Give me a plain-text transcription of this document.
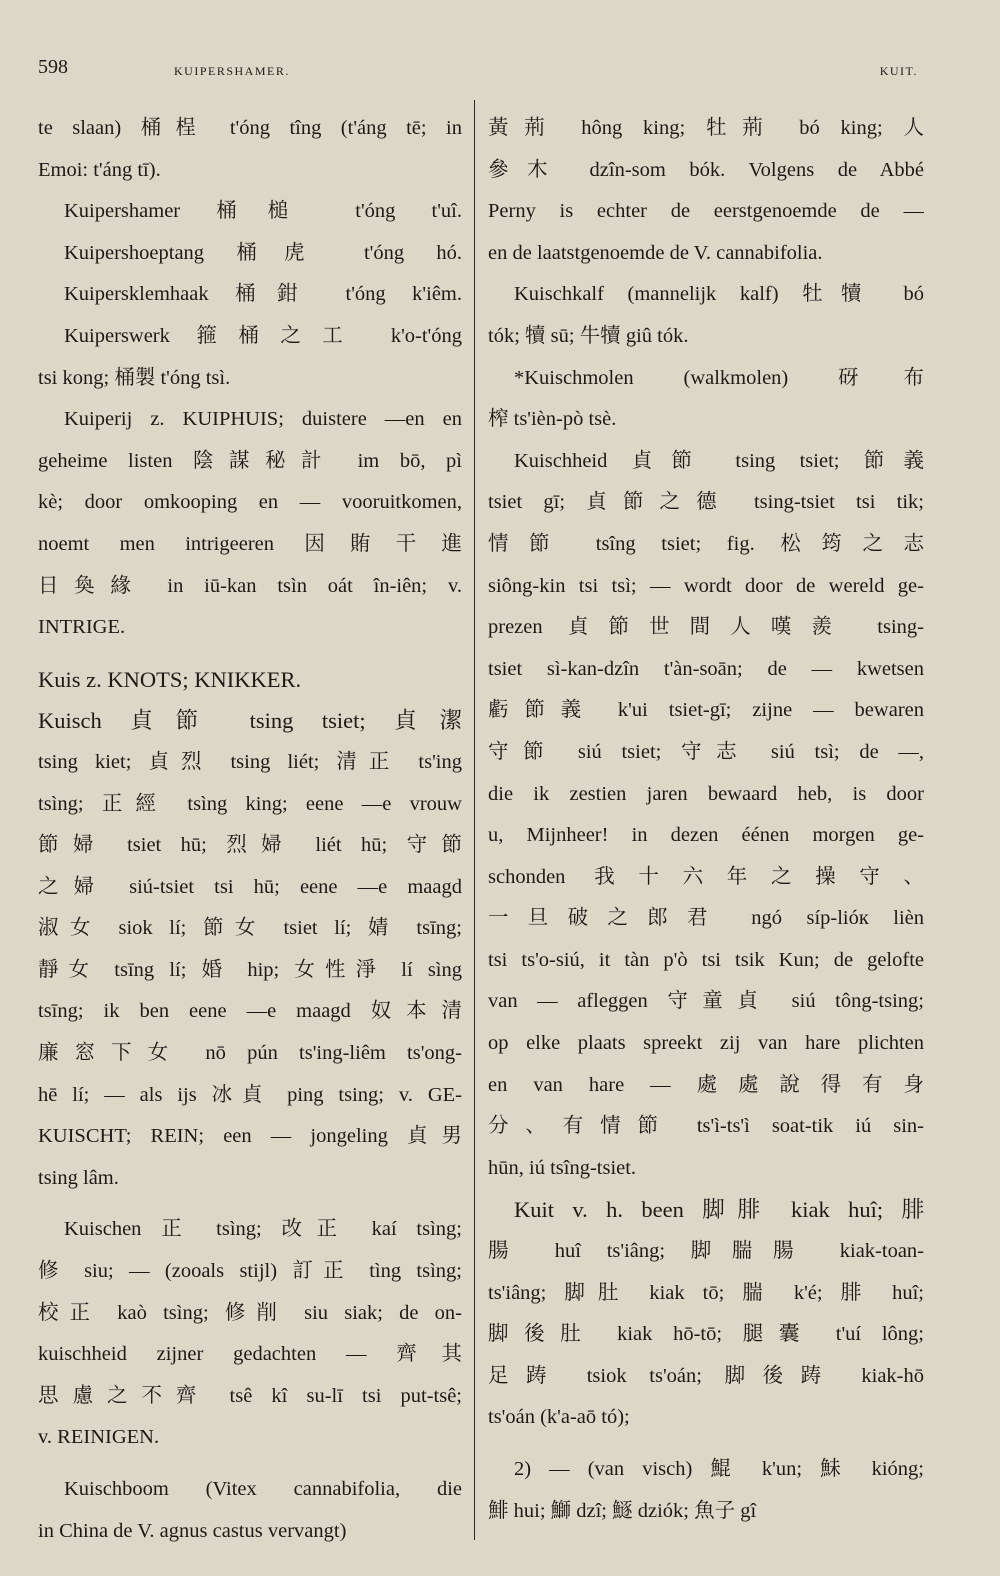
598	KUIPERSHAMER.	KUIT.
te slaan) 桶桯 t'óng tîng (t'áng tē; in
Emoi: t'áng tī).
Kuipershamer 桶槌 t'óng t'uî.
Kuipershoeptang 桶虎 t'óng hó.
Kuipersklemhaak 桶鉗 t'óng k'iêm.
Kuiperswerk 箍桶之工 k'o-t'óng
tsi kong; 桶製 t'óng tsì.
Kuiperij z. KUIPHUIS; duistere —en en
geheime listen 陰謀秘計 im bō, pì
kè; door omkooping en — vooruitkomen,
noemt men intrigeeren 因賄干進
日奐緣 in iū-kan tsìn oát în-iên; v.
INTRIGE.
Kuis z. KNOTS; KNIKKER.
Kuisch 貞節 tsing tsiet; 貞潔
tsing kiet; 貞烈 tsing liét; 清正 ts'ing
tsìng; 正經 tsìng king; eene —e vrouw
節婦 tsiet hū; 烈婦 liét hū; 守節
之婦 siú-tsiet tsi hū; eene —e maagd
淑女 siok lí; 節女 tsiet lí; 婧 tsīng;
靜女 tsīng lí; 婚 hip; 女性淨 lí sìng
tsīng; ik ben eene —e maagd 奴本清
廉窓下女 nō pún ts'ing-liêm ts'ong-
hē lí; — als ijs 冰貞 ping tsing; v. GE-
KUISCHT; REIN; een — jongeling 貞男
tsing lâm.
Kuischen 正 tsìng; 改正 kaí tsìng;
修 siu; — (zooals stijl) 訂正 tìng tsìng;
校正 kaò tsìng; 修削 siu siak; de on-
kuischheid zijner gedachten — 齊其
思慮之不齊 tsê kî su-lī tsi put-tsê;
v. REINIGEN.
Kuischboom (Vitex cannabifolia, die
in China de V. agnus castus vervangt)
黃荊 hông king; 牡荊 bó king; 人
參木 dzîn-som bók. Volgens de Abbé
Perny is echter de eerstgenoemde de —
en de laatstgenoemde de V. cannabifolia.
Kuischkalf (mannelijk kalf) 牡犢 bó
tók; 犢 sū; 牛犢 giû tók.
*Kuischmolen (walkmolen) 砑布
榨 ts'ièn-pò tsè.
Kuischheid 貞節 tsing tsiet; 節義
tsiet gī; 貞節之德 tsing-tsiet tsi tik;
情節 tsîng tsiet; fig. 松筠之志
siông-kin tsi tsì; — wordt door de wereld ge-
prezen 貞節世間人嘆羨 tsing-
tsiet sì-kan-dzîn t'àn-soān; de — kwetsen
虧節義 k'ui tsiet-gī; zijne — bewaren
守節 siú tsiet; 守志 siú tsì; de —,
die ik zestien jaren bewaard heb, is door
u, Mijnheer! in dezen éénen morgen ge-
schonden 我十六年之操守、
一旦破之郎君 ngó síp-lióк lièn
tsi ts'o-siú, it tàn p'ò tsi tsik Kun; de gelofte
van — afleggen 守童貞 siú tông-tsing;
op elke plaats spreekt zij van hare plichten
en van hare — 處處說得有身
分、有情節 ts'ì-ts'ì soat-tik iú sin-
hūn, iú tsîng-tsiet.
Kuit v. h. been 脚腓 kiak huî; 腓
腸 huî ts'iâng; 脚腨腸 kiak-toan-
ts'iâng; 脚肚 kiak tō; 腨 k'é; 腓 huî;
脚後肚 kiak hō-tō; 腿囊 t'uí lông;
足踌 tsiok ts'oán; 脚後踌 kiak-hō
ts'oán (k'a-aō tó);
2) — (van visch) 鯤 k'un; 鮇 kióng;
鯡 hui; 鰤 dzî; 鱁 dziók; 魚子 gî
